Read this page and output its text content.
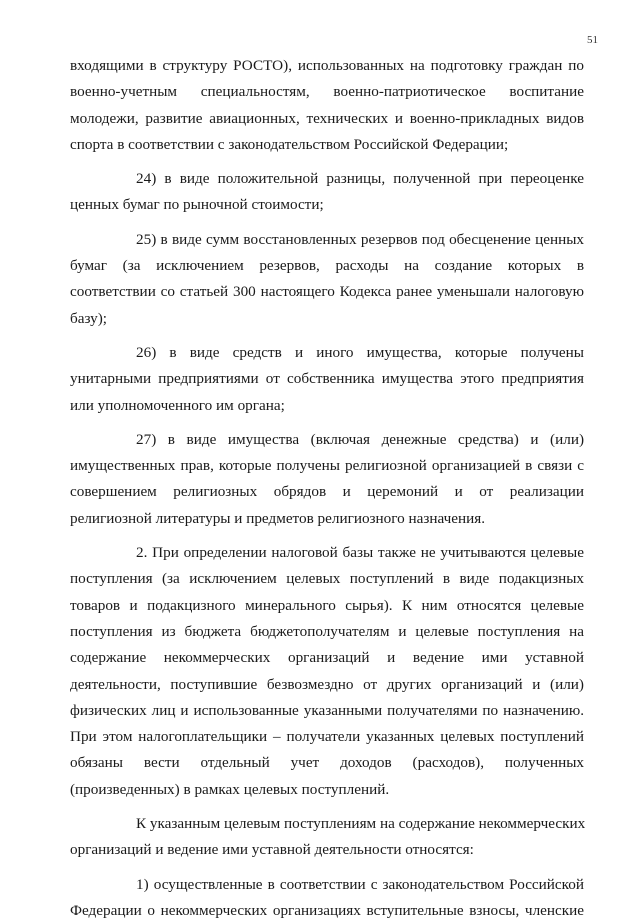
51
входящими в структуру РОСТО), использованных на подготовку граждан по
военно-учетным специальностям, военно-патриотическое воспитание
молодежи, развитие авиационных, технических и военно-прикладных видов
спорта в соответствии с законодательством Российской Федерации;
24) в виде положительной разницы, полученной при переоценке
ценных бумаг по рыночной стоимости;
25) в виде сумм восстановленных резервов под обесценение ценных
бумаг (за исключением резервов, расходы на создание которых в
соответствии со статьей 300 настоящего Кодекса ранее уменьшали налоговую
базу);
26) в виде средств и иного имущества, которые получены
унитарными предприятиями от собственника имущества этого предприятия
или уполномоченного им органа;
27) в виде имущества (включая денежные средства) и (или)
имущественных прав, которые получены религиозной организацией в связи с
совершением религиозных обрядов и церемоний и от реализации
религиозной литературы и предметов религиозного назначения.
2. При определении налоговой базы также не учитываются целевые
поступления (за исключением целевых поступлений в виде подакцизных
товаров и подакцизного минерального сырья). К ним относятся целевые
поступления из бюджета бюджетополучателям и целевые поступления на
содержание некоммерческих организаций и ведение ими уставной
деятельности, поступившие безвозмездно от других организаций и (или)
физических лиц и использованные указанными получателями по назначению.
При этом налогоплательщики – получатели указанных целевых поступлений
обязаны вести отдельный учет доходов (расходов), полученных
(произведенных) в рамках целевых поступлений.
К указанным целевым поступлениям на содержание некоммерческих
организаций и ведение ими уставной деятельности относятся:
1) осуществленные в соответствии с законодательством Российской
Федерации о некоммерческих организациях вступительные взносы, членские
